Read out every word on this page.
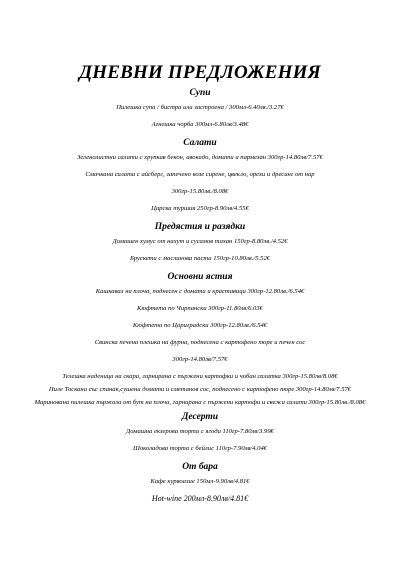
ДНЕВНИ ПРЕДЛОЖЕНИЯ
Супи
Пилешка супа / бистра или застроена / 300мл-6.40лв./3.27€
Агнешка чорба 300мл-6.80лв/3.48€
Салати
Зеленолистни салати с хрупкав бекон, авокадо, домати и пармезан 300гр-14.80лв/7.57€
Смачкана салата с айсберг, запечено козе сирене, цвекло, орехи и дресинг от нар
300гр-15.80лв./8.08€
Царска туршия 250гр-8.90лв/4.55€
Предястия и разядки
Домашен хумус от нахут и сусамов тахан 150гр-8.80лв./4.52€
Брускети с маслинова паста 150гр-10.80лв./5.52€
Основни ястия
Кашкавал на плоча, поднесен с домати и краставици 300гр-12.80лв./6.54€
Кюфтета по Чирпански 300гр-11.80лв/6.03€
Кюфтета по Цариградски 300гр-12.80лв./6.54€
Свинска печена плешка на фурна, поднесена с картофено пюре и печен сос
300гр-14.80лв/7.57€
Телешка наденица на скара, гарнирана с пържени картофки и чобан салатка 300гр-15.80лв/8.08€
Пиле Тоскана със спанак,сушени домати и сметанов сос, поднесено с картофено пюре 300гр-14.80лв/7.57€
Маринована пилешка пържола от бут на плоча, гарнирана с пържени картофи и свежи салати 300гр-15.80лв./8.08€
Десерти
Домашна екзерова торта с ягоди 110гр-7.80лв/3.99€
Шоколадова торта с бейлис 110гр-7.90лв/4.04€
От бара
Кафе курвоазие 150мл-9.90лв/4.81€
Hot-wine 200мл-8.90лв/4.81€
